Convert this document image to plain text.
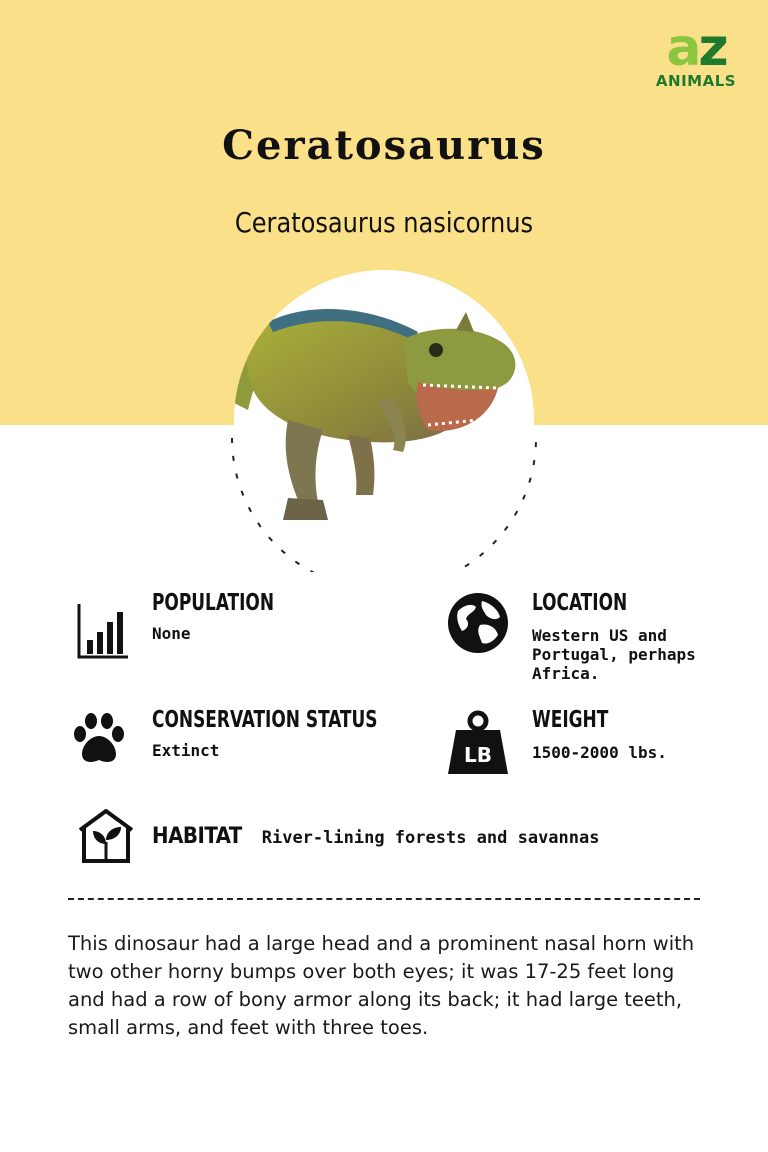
az
ANIMALS
Ceratosaurus
Ceratosaurus nasicornus
POPULATION
None
LOCATION
Western US and
Portugal, perhaps
Africa.
CONSERVATION STATUS
Extinct	LB
WEIGHT
1500-2000 lbs.
HABITAT River-lining forests and savannas
This dinosaur had a large head and a prominent nasal horn with two other horny bumps over both eyes; it was 17-25 feet long and had a row of bony armor along its back; it had large teeth, small arms, and feet with three toes.
